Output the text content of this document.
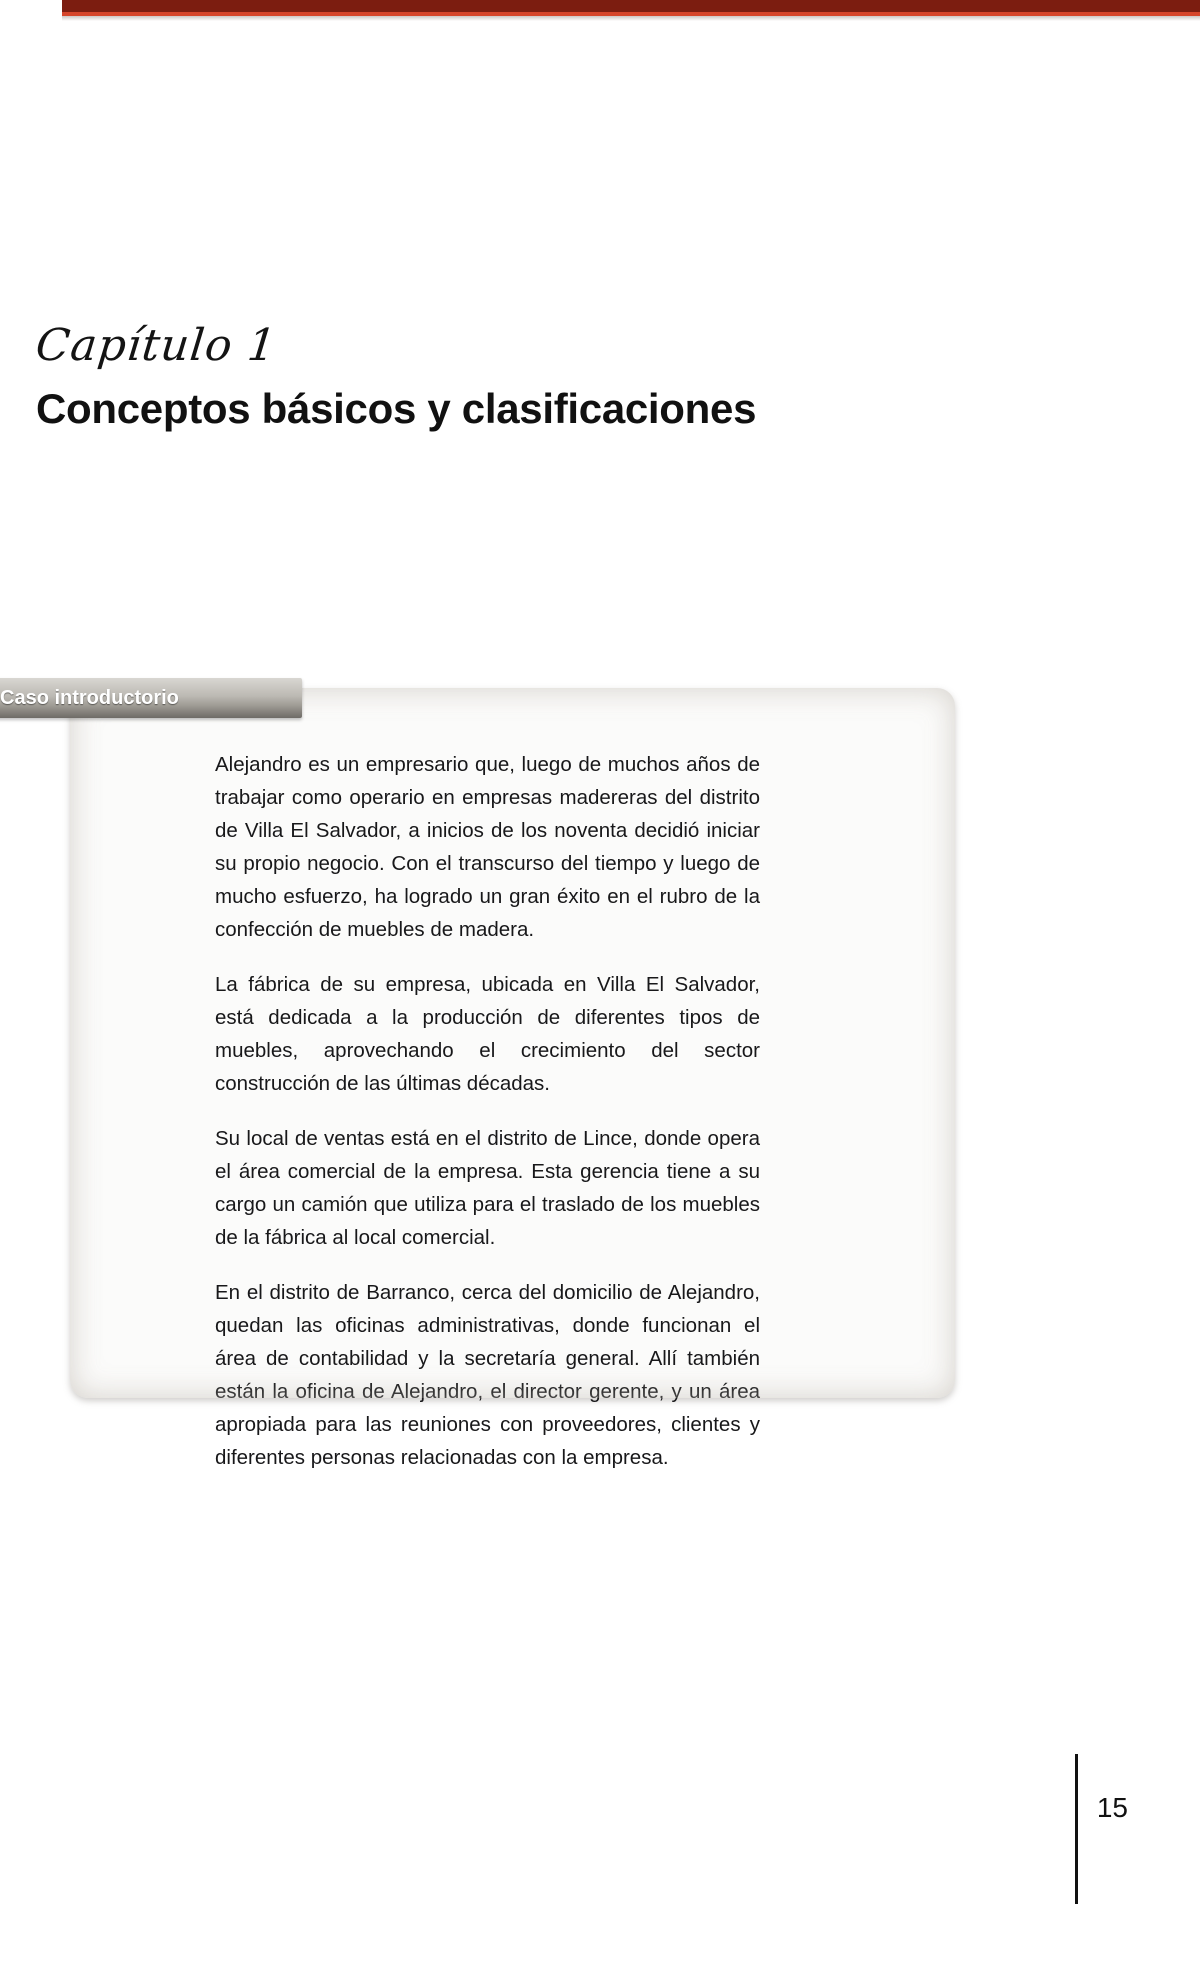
Capítulo 1
Conceptos básicos y clasificaciones

Alejandro es un empresario que, luego de muchos años de trabajar como operario en empresas madereras del distrito de Villa El Salvador, a inicios de los noventa decidió iniciar su propio negocio. Con el transcurso del tiempo y luego de mucho esfuerzo, ha logrado un gran éxito en el rubro de la confección de muebles de madera.

La fábrica de su empresa, ubicada en Villa El Salvador, está dedicada a la producción de diferentes tipos de muebles, aprovechando el crecimiento del sector construcción de las últimas décadas.

Su local de ventas está en el distrito de Lince, donde opera el área comercial de la empresa. Esta gerencia tiene a su cargo un camión que utiliza para el traslado de los muebles de la fábrica al local comercial.

En el distrito de Barranco, cerca del domicilio de Alejandro, quedan las oficinas administrativas, donde funcionan el área de contabilidad y la secretaría general. Allí también están la oficina de Alejandro, el director gerente, y un área apropiada para las reuniones con proveedores, clientes y diferentes personas relacionadas con la empresa.

Caso introductorio
15
